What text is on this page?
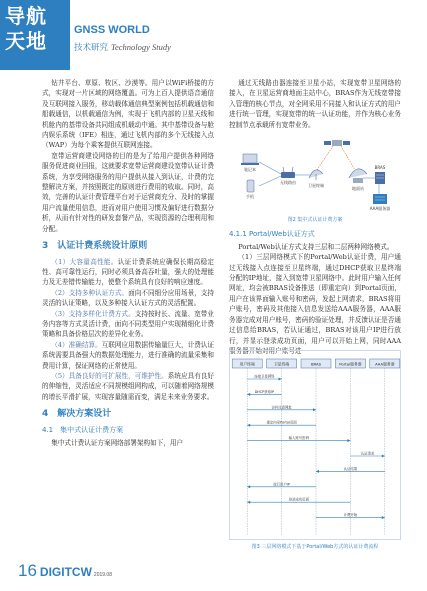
导航
天地	GNSS WORLD
技术研究 Technology Study

钻井平台、草原、牧区、沙漠等。用户以WiFi桥接的方式，实现对一片区域的网络覆盖。可为上百人提供语音通信及互联网接入服务，移动载体通信典型案例包括机载通信和船载通信，以机载通信为例，实现于飞机内部的卫星天线和机舱内的基带设备共同组成机载动中通。其中基带设备与舱内娱乐系统（IFE）相连，通过飞机内部的多个无线接入点（WAP）为每个乘客提供互联网连接。

宽带运营商建设网络的目的是为了给用户提供各种网络服务促进商业回报，这就要求宽带运营商建设宽带认证计费系统，为享受网络服务的用户提供从接入到认证，计费的完整解决方案，并按照既定的原则进行费用的收取。同时，高效，完善的认证计费管理平台对于运营商充分、及时的掌握用户流量使用信息，进而对用户使用习惯及偏好进行数据分析，从而有针对性的研发套餐产品，实现资源的合理利用和分配。

3　认证计费系统设计原则

（1）大容量高性能。认证计费系统应确保长期高稳定性、高可靠性运行，同时必须具备高吞吐量，强大的处理能力及无差错传输能力，使整个系统具有良好的响应速度。

（2）支持多种认证方式。面向不同细分应用场景，支持灵活的认证策略，以及多种接入认证方式的灵活配置。

（3）支持多样化计费方式。支持按时长、流量、宽带业务内容等方式灵活计费，面向不同类型用户实现精细化计费策略和具备价格层次的差异化业务。

（4）准确结算。互联网应用数据传输量巨大，计费认证系统需要具备强大的数据处理能力，进行准确的流量采集和费用计算，保证网络的正常使用。

（5）具备良好的可扩展性，可维护性。系统应具有良好的伸缩性，灵活适应不同规模组网构成，可以随着网络规模的增长平滑扩展，实现容量随需而变，满足未来业务要求。

4　解决方案设计
4.1　集中式认证计费方案

集中式计费认证方案网络部署架构如下，用户

通过无线路由器连接至卫星小站，实现宽带卫星网络的接入，在卫星运营商地面主站中心，BRAS作为无线宽带接入管理的核心节点，对全网采用不同接入和认证方式的用户进行统一管理，实现宽带的统一认证功能，并作为核心业务控制节点承载所有宽带业务。

笔记本
手机
无线路由
卫星终端
地面站
BRAS
AAA服务器
图2 集中式认证计费方案
4.1.1 Portal/Web认证方式

Portal/Web认证方式支持三层和二层两种网络模式。

（1）三层网络模式下的Portal/Web认证计费，用户通过无线接入点连接至卫星终端，通过DHCP获取卫星终端分配的IP地址，接入到宽带卫星网络中。此时用户输入任何网址，均会被BRAS设备推送（即重定向）到Portal页面，用户在该界面输入账号和密码，发起上网请求，BRAS将用户账号，密码及其他接入信息发送给AAA服务器，AAA服务器完成对用户账号，密码的验证处理，并反馈认证是否通过信息给BRAS，若认证通过，BRAS对该用户IP进行放行，并显示登录成功页面，用户可以开始上网，同时AAA服务器开始对用户账号进

用户终端	卫星终端	BRAS	Portal服务器	AAA服务器
连接卫星网络
DHCP获取IP
访问任意网址
重定向至Portal页面
输入账号密码
认证请求
认证结果
放行用户IP
登录成功页面
计费开始
图3 三层网络模式下基于Portal/Web方式的认证计费流程
16 DIGITCW 2019.08
